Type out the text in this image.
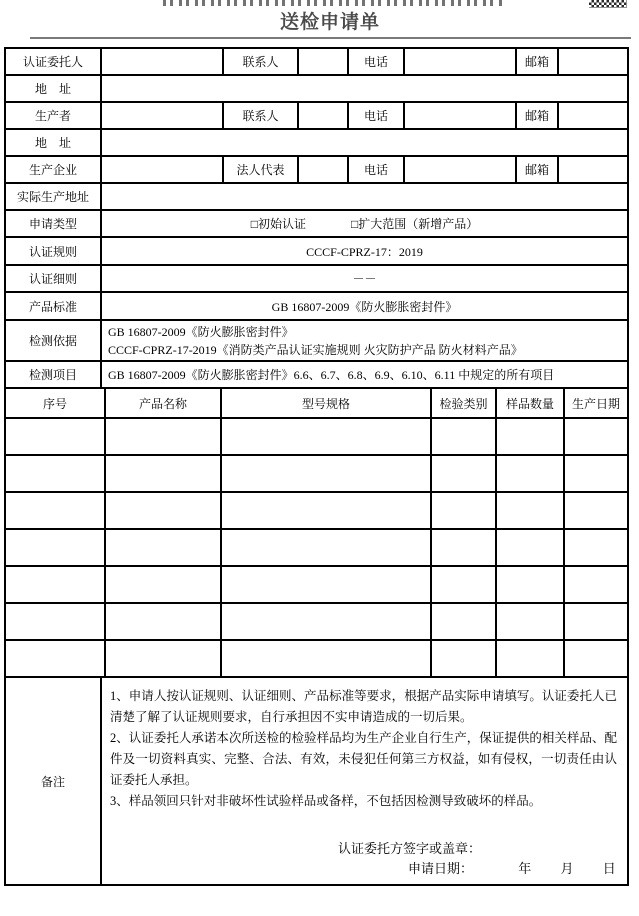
送检申请单
认证委托人		联系人		电话		邮箱	
地　址							
生产者		联系人		电话		邮箱	
地　址							
生产企业		法人代表		电话		邮箱	
实际生产地址							
申请类型	□初始认证 □扩大范围（新增产品）
认证规则	CCCF-CPRZ-17：2019
认证细则	－－
产品标准	GB 16807-2009《防火膨胀密封件》
检测依据	GB 16807-2009《防火膨胀密封件》
CCCF-CPRZ-17-2019《消防类产品认证实施规则 火灾防护产品 防火材料产品》

检测项目	GB 16807-2009《防火膨胀密封件》6.6、6.7、6.8、6.9、6.10、6.11 中规定的所有项目
序号	产品名称	型号规格	检验类别	样品数量	生产日期

备注	

1、申请人按认证规则、认证细则、产品标准等要求，根据产品实际申请填写。认证委托人已清楚了解了认证规则要求，自行承担因不实申请造成的一切后果。

2、认证委托人承诺本次所送检的检验样品均为生产企业自行生产，保证提供的相关样品、配件及一切资料真实、完整、合法、有效，未侵犯任何第三方权益，如有侵权，一切责任由认证委托人承担。

3、样品领回只针对非破坏性试验样品或备样，不包括因检测导致破坏的样品。

认证委托方签字或盖章：
申请日期：	年 月 日
